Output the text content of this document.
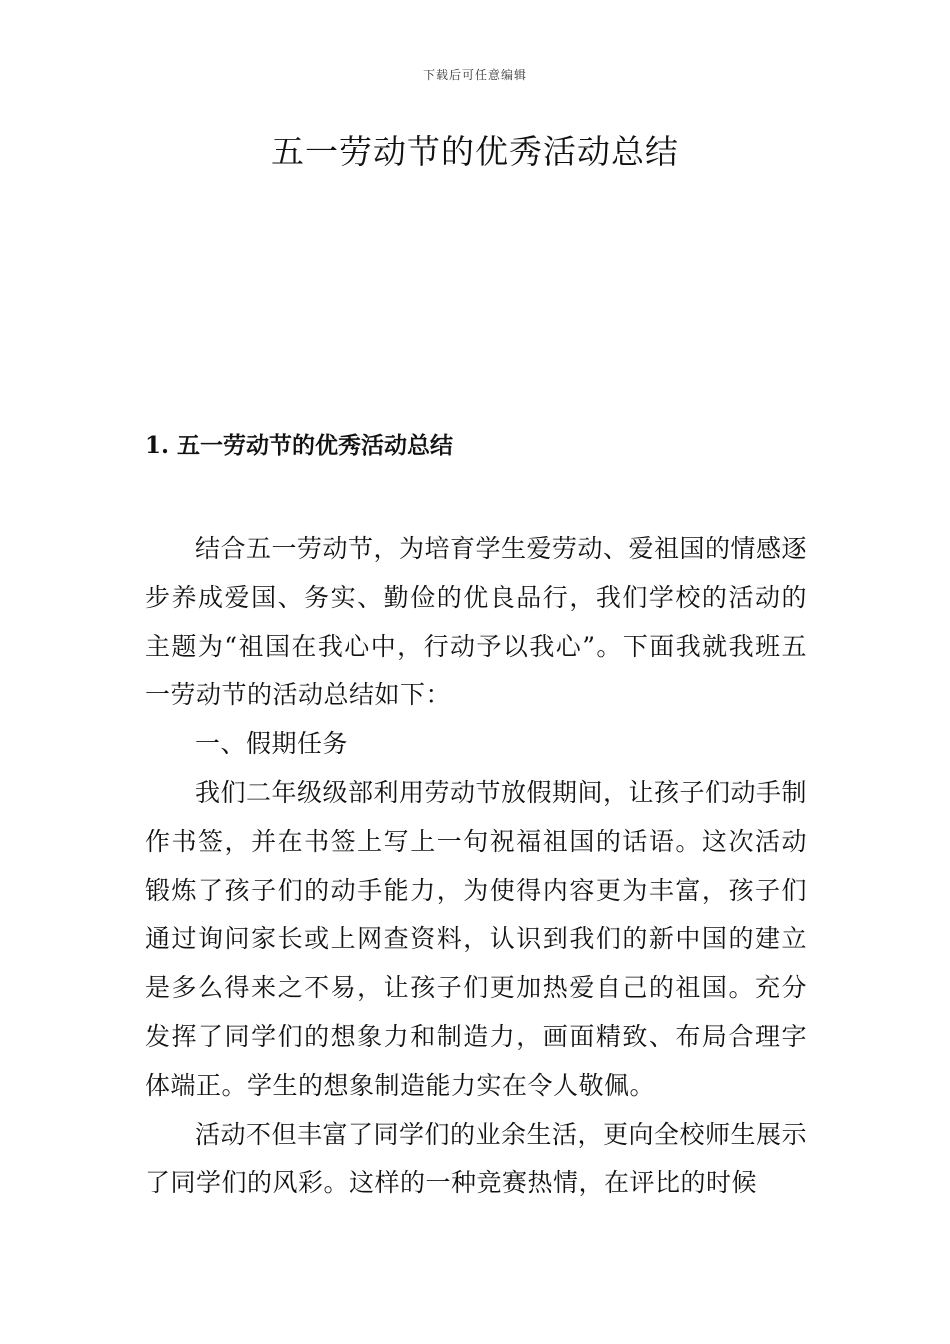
下载后可任意编辑
五一劳动节的优秀活动总结
1. 五一劳动节的优秀活动总结

结合五一劳动节，为培育学生爱劳动、爱祖国的情感逐步养成爱国、务实、勤俭的优良品行，我们学校的活动的主题为“祖国在我心中，行动予以我心”。下面我就我班五一劳动节的活动总结如下：

一、假期任务

我们二年级级部利用劳动节放假期间，让孩子们动手制作书签，并在书签上写上一句祝福祖国的话语。这次活动锻炼了孩子们的动手能力，为使得内容更为丰富，孩子们通过询问家长或上网查资料，认识到我们的新中国的建立是多么得来之不易，让孩子们更加热爱自己的祖国。充分发挥了同学们的想象力和制造力，画面精致、布局合理字体端正。学生的想象制造能力实在令人敬佩。

活动不但丰富了同学们的业余生活，更向全校师生展示了同学们的风彩。这样的一种竞赛热情，在评比的时候
